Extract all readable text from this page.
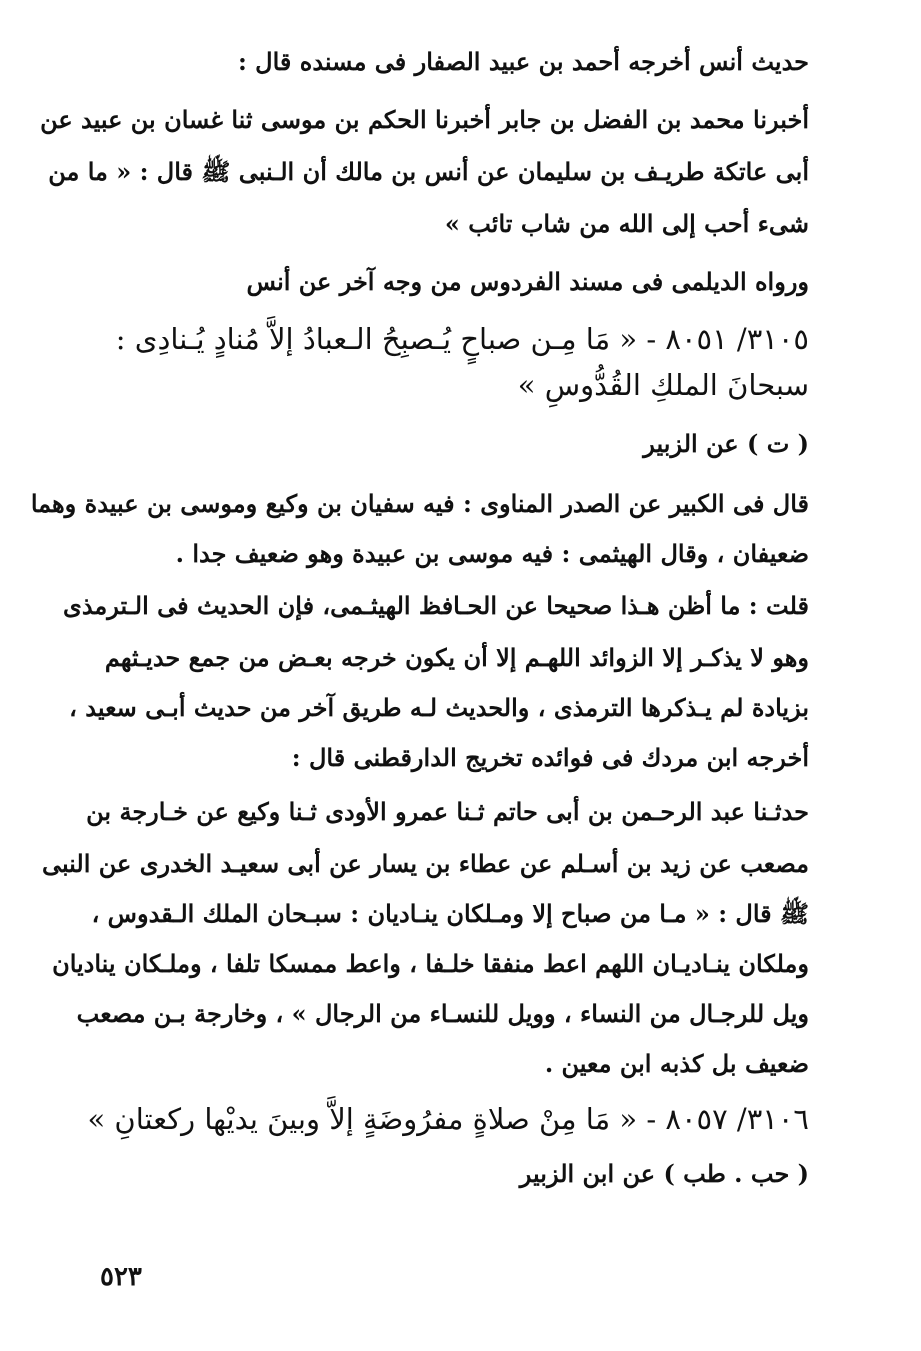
حديث أنس أخرجه أحمد بن عبيد الصفار فى مسنده قال :
أخبرنا محمد بن الفضل بن جابر أخبرنا الحكم بن موسى ثنا غسان بن عبيد عن
أبى عاتكة طريـف بن سليمان عن أنس بن مالك أن الـنبى ﷺ قال : « ما من
شىء أحب إلى الله من شاب تائب »
ورواه الديلمى فى مسند الفردوس من وجه آخر عن أنس
٣١٠٥/ ٨٠٥١ - « مَا مِـن صباحٍ يُـصبِحُ الـعبادُ إلاَّ مُنادٍ يُـنادِى :
سبحانَ الملكِ القُدُّوسِ »
( ت ) عن الزبير
قال فى الكبير عن الصدر المناوى : فيه سفيان بن وكيع وموسى بن عبيدة وهما
ضعيفان ، وقال الهيثمى : فيه موسى بن عبيدة وهو ضعيف جدا .
قلت : ما أظن هـذا صحيحا عن الحـافظ الهيثـمى، فإن الحديث فى الـترمذى
وهو لا يذكـر إلا الزوائد اللهـم إلا أن يكون خرجه بعـض من جمع حديـثهم
بزيادة لم يـذكرها الترمذى ، والحديث لـه طريق آخر من حديث أبـى سعيد ،
أخرجه ابن مردك فى فوائده تخريج الدارقطنى قال :
حدثـنا عبد الرحـمن بن أبى حاتم ثـنا عمرو الأودى ثـنا وكيع عن خـارجة بن
مصعب عن زيد بن أسـلم عن عطاء بن يسار عن أبى سعيـد الخدرى عن النبى
ﷺ قال : « مـا من صباح إلا ومـلكان ينـاديان : سبـحان الملك الـقدوس ،
وملكان ينـاديـان اللهم اعط منفقا خلـفا ، واعط ممسكا تلفا ، وملـكان يناديان
ويل للرجـال من النساء ، وويل للنسـاء من الرجال » ، وخارجة بـن مصعب
ضعيف بل كذبه ابن معين .
٣١٠٦/ ٨٠٥٧ - « مَا مِنْ صلاةٍ مفرُوضَةٍ إلاَّ وبينَ يديْها ركعتانِ »
( حب . طب ) عن ابن الزبير
٥٢٣
